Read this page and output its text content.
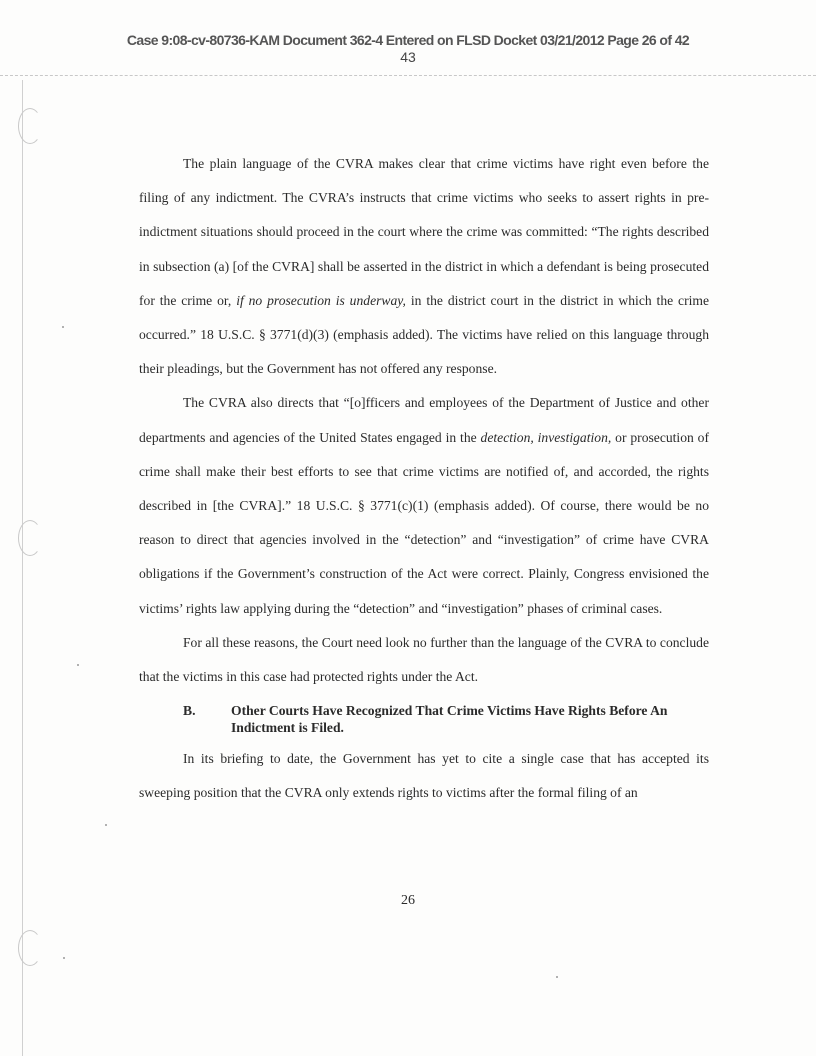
Case 9:08-cv-80736-KAM Document 362-4 Entered on FLSD Docket 03/21/2012 Page 26 of 42
43

The plain language of the CVRA makes clear that crime victims have right even before the filing of any indictment. The CVRA’s instructs that crime victims who seeks to assert rights in pre-indictment situations should proceed in the court where the crime was committed: “The rights described in subsection (a) [of the CVRA] shall be asserted in the district in which a defendant is being prosecuted for the crime or, if no prosecution is underway, in the district court in the district in which the crime occurred.” 18 U.S.C. § 3771(d)(3) (emphasis added). The victims have relied on this language through their pleadings, but the Government has not offered any response.

The CVRA also directs that “[o]fficers and employees of the Department of Justice and other departments and agencies of the United States engaged in the detection, investigation, or prosecution of crime shall make their best efforts to see that crime victims are notified of, and accorded, the rights described in [the CVRA].” 18 U.S.C. § 3771(c)(1) (emphasis added). Of course, there would be no reason to direct that agencies involved in the “detection” and “investigation” of crime have CVRA obligations if the Government’s construction of the Act were correct. Plainly, Congress envisioned the victims’ rights law applying during the “detection” and “investigation” phases of criminal cases.

For all these reasons, the Court need look no further than the language of the CVRA to conclude that the victims in this case had protected rights under the Act.

B.	Other Courts Have Recognized That Crime Victims Have Rights Before An Indictment is Filed.

In its briefing to date, the Government has yet to cite a single case that has accepted its sweeping position that the CVRA only extends rights to victims after the formal filing of an

26
